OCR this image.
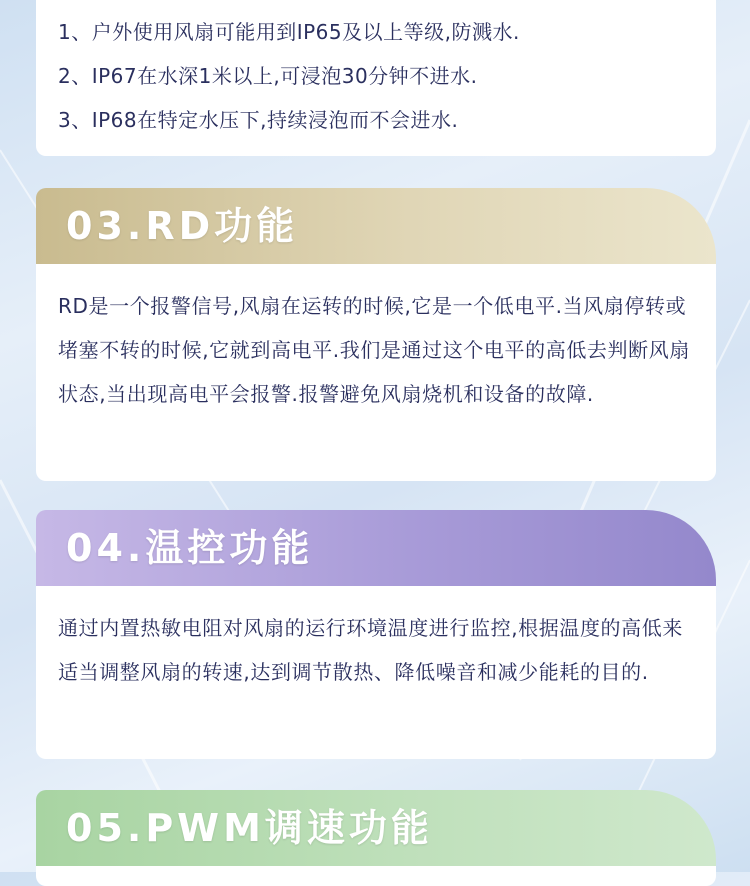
1、户外使用风扇可能用到IP65及以上等级,防溅水.

2、IP67在水深1米以上,可浸泡30分钟不进水.

3、IP68在特定水压下,持续浸泡而不会进水.

03.RD功能
RD是一个报警信号,风扇在运转的时候,它是一个低电平.当风扇停转或堵塞不转的时候,它就到高电平.我们是通过这个电平的高低去判断风扇状态,当出现高电平会报警.报警避免风扇烧机和设备的故障.
04.温控功能
通过内置热敏电阻对风扇的运行环境温度进行监控,根据温度的高低来适当调整风扇的转速,达到调节散热、降低噪音和减少能耗的目的.
05.PWM调速功能
